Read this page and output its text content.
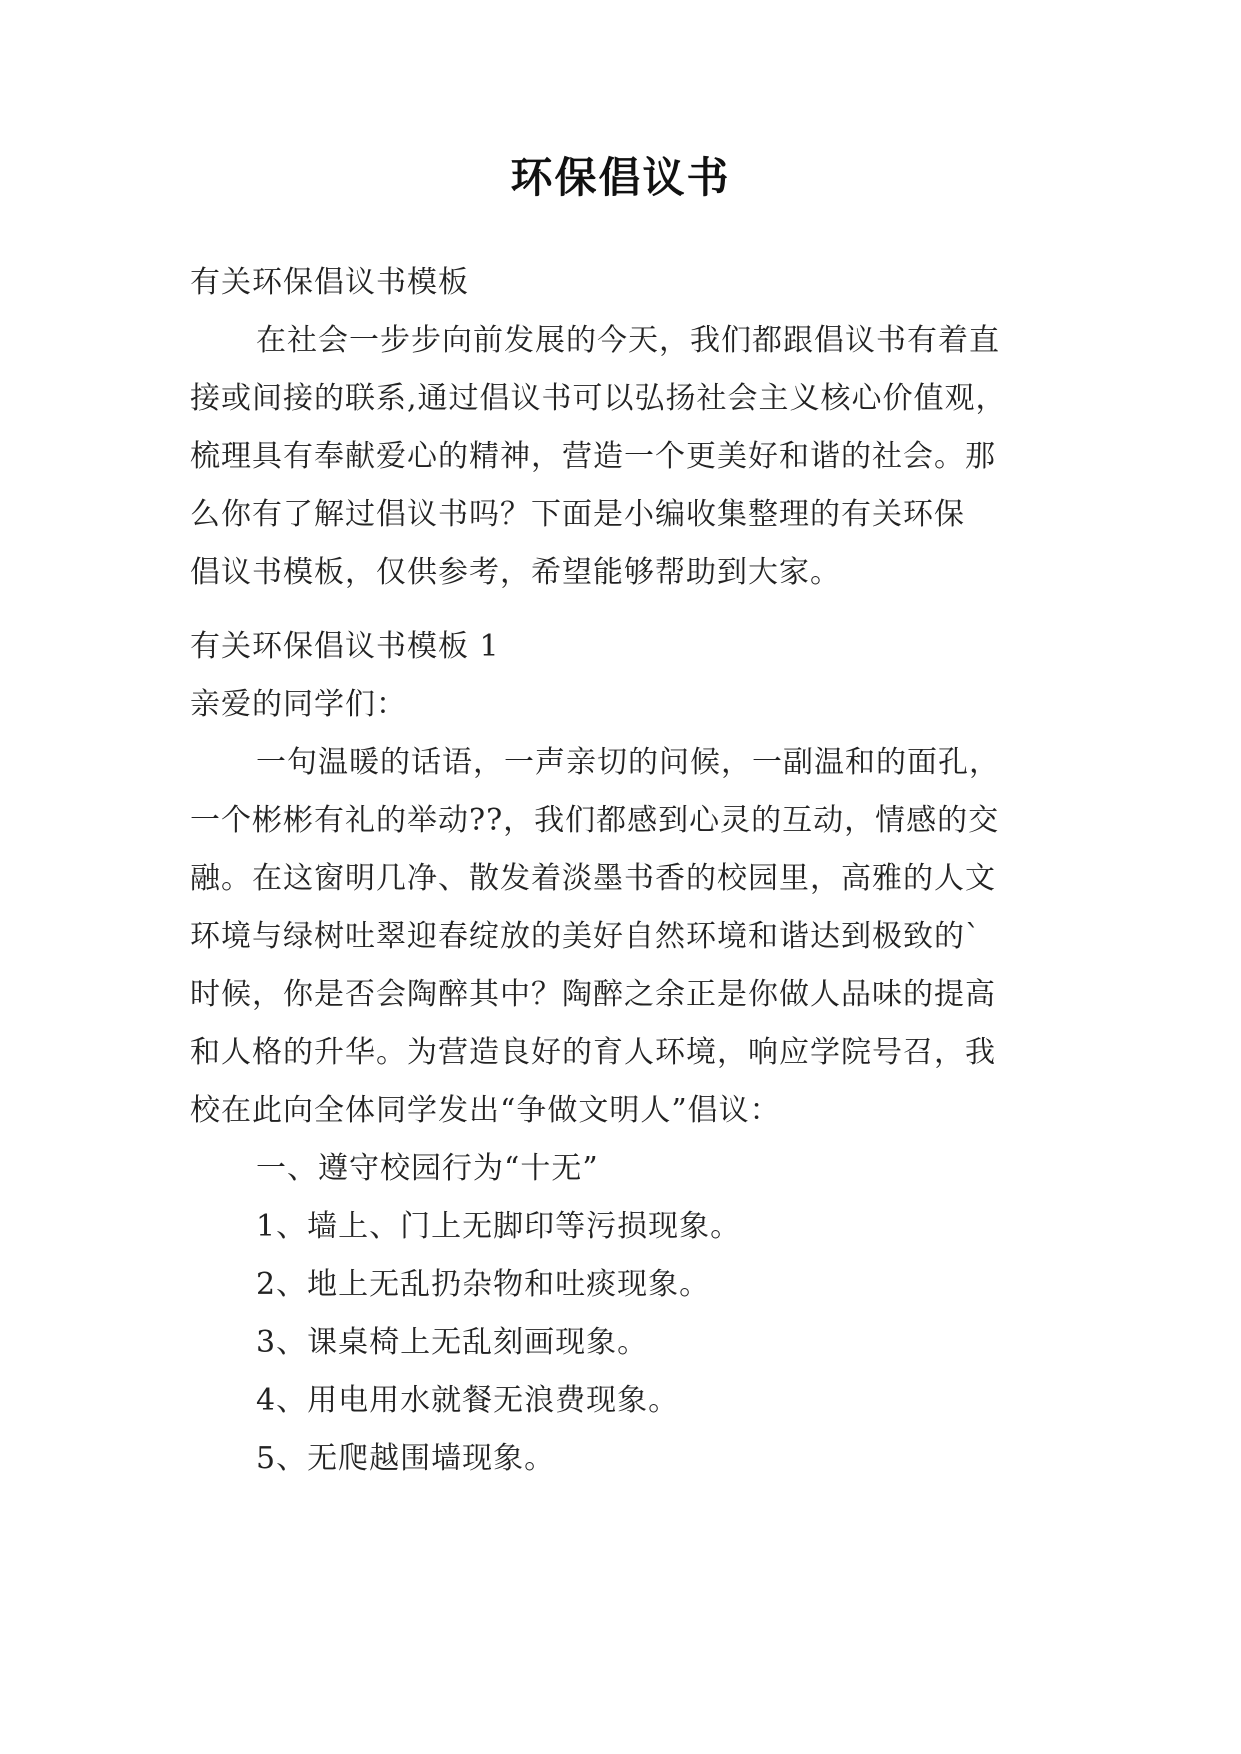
环保倡议书

有关环保倡议书模板

在社会一步步向前发展的今天，我们都跟倡议书有着直

接或间接的联系,通过倡议书可以弘扬社会主义核心价值观，

梳理具有奉献爱心的精神，营造一个更美好和谐的社会。那

么你有了解过倡议书吗？下面是小编收集整理的有关环保

倡议书模板，仅供参考，希望能够帮助到大家。

有关环保倡议书模板 1

亲爱的同学们：

一句温暖的话语，一声亲切的问候，一副温和的面孔，

一个彬彬有礼的举动??，我们都感到心灵的互动，情感的交

融。在这窗明几净、散发着淡墨书香的校园里，高雅的人文

环境与绿树吐翠迎春绽放的美好自然环境和谐达到极致的`

时候，你是否会陶醉其中？陶醉之余正是你做人品味的提高

和人格的升华。为营造良好的育人环境，响应学院号召，我

校在此向全体同学发出“争做文明人”倡议：

一、遵守校园行为“十无”

1、墙上、门上无脚印等污损现象。

2、地上无乱扔杂物和吐痰现象。

3、课桌椅上无乱刻画现象。

4、用电用水就餐无浪费现象。

5、无爬越围墙现象。
